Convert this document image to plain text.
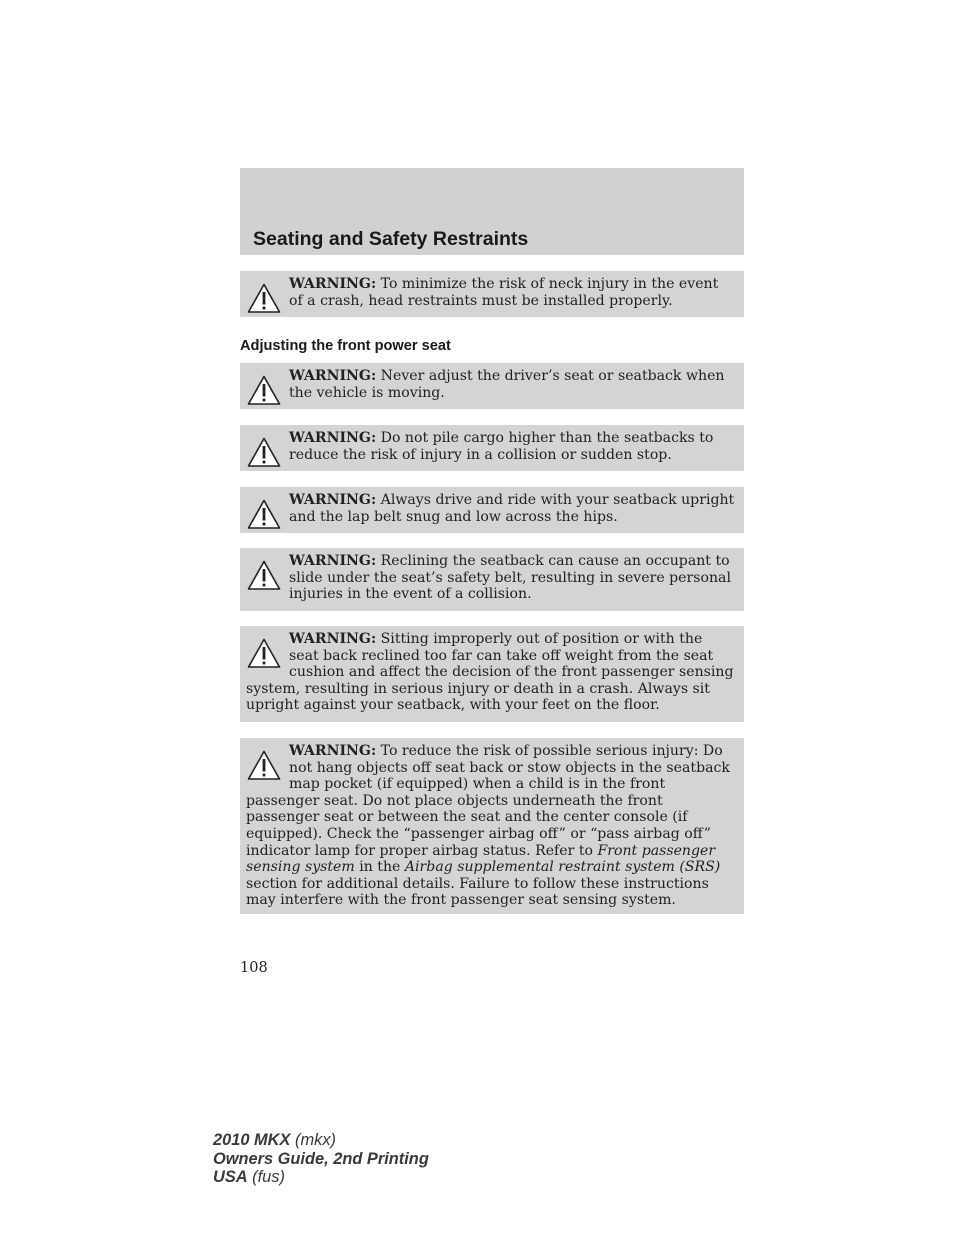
Seating and Safety Restraints
WARNING: To minimize the risk of neck injury in the event of a crash, head restraints must be installed properly.
Adjusting the front power seat
WARNING: Never adjust the driver’s seat or seatback when the vehicle is moving.
WARNING: Do not pile cargo higher than the seatbacks to reduce the risk of injury in a collision or sudden stop.
WARNING: Always drive and ride with your seatback upright and the lap belt snug and low across the hips.
WARNING: Reclining the seatback can cause an occupant to slide under the seat’s safety belt, resulting in severe personal injuries in the event of a collision.
WARNING: Sitting improperly out of position or with the seat back reclined too far can take off weight from the seat cushion and affect the decision of the front passenger sensing system, resulting in serious injury or death in a crash. Always sit upright against your seatback, with your feet on the floor.
WARNING: To reduce the risk of possible serious injury: Do not hang objects off seat back or stow objects in the seatback map pocket (if equipped) when a child is in the front passenger seat. Do not place objects underneath the front passenger seat or between the seat and the center console (if equipped). Check the “passenger airbag off” or “pass airbag off” indicator lamp for proper airbag status. Refer to Front passenger sensing system in the Airbag supplemental restraint system (SRS) section for additional details. Failure to follow these instructions may interfere with the front passenger seat sensing system.
108
2010 MKX (mkx)
Owners Guide, 2nd Printing
USA (fus)
